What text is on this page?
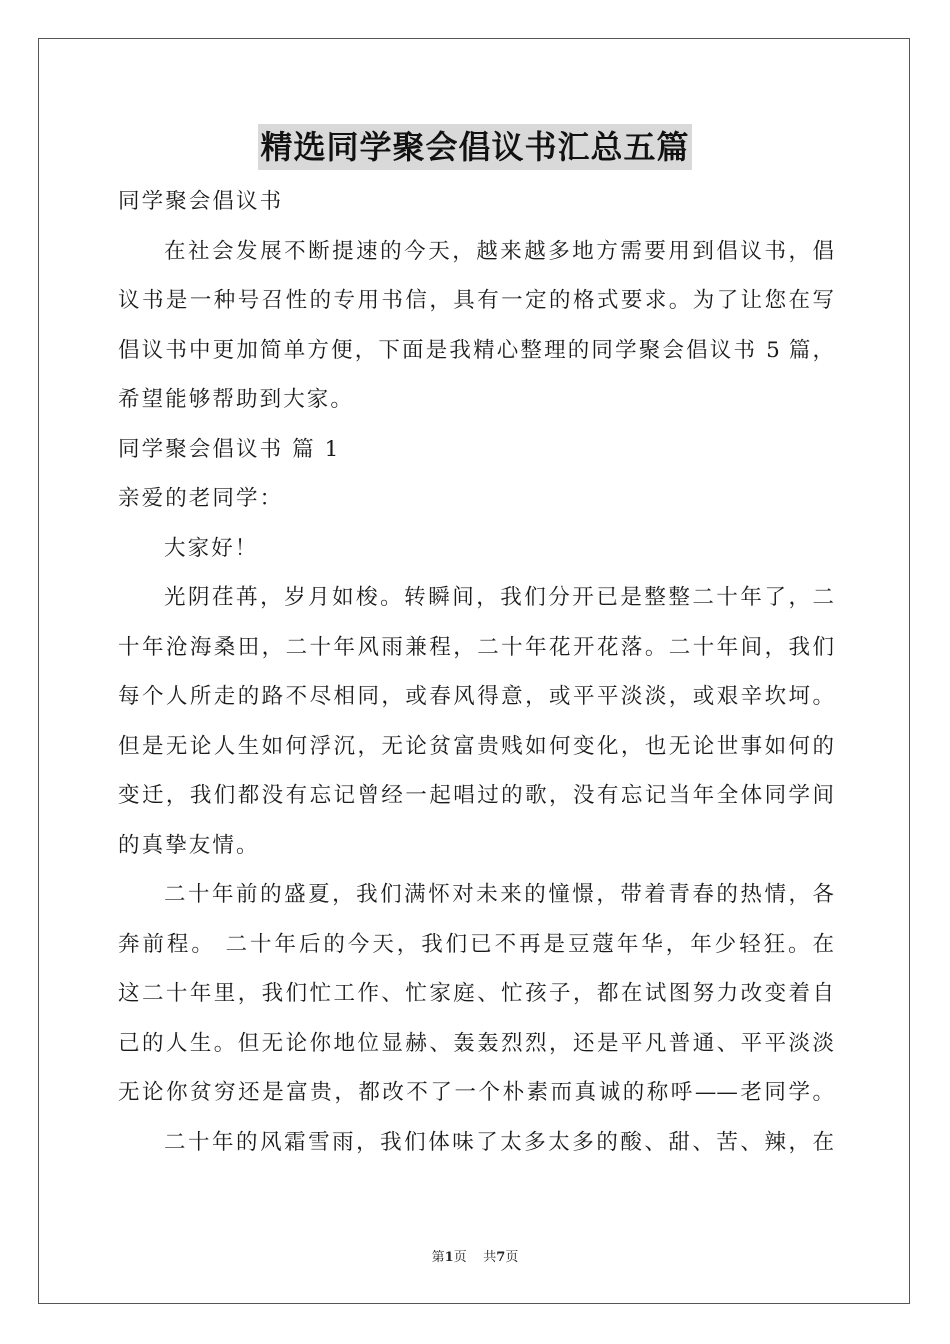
精选同学聚会倡议书汇总五篇
同学聚会倡议书
在社会发展不断提速的今天，越来越多地方需要用到倡议书，倡
议书是一种号召性的专用书信，具有一定的格式要求。为了让您在写
倡议书中更加简单方便，下面是我精心整理的同学聚会倡议书 5 篇，
希望能够帮助到大家。
同学聚会倡议书 篇 1
亲爱的老同学：
大家好！
光阴荏苒，岁月如梭。转瞬间，我们分开已是整整二十年了，二
十年沧海桑田，二十年风雨兼程，二十年花开花落。二十年间，我们
每个人所走的路不尽相同，或春风得意，或平平淡淡，或艰辛坎坷。
但是无论人生如何浮沉，无论贫富贵贱如何变化，也无论世事如何的
变迁，我们都没有忘记曾经一起唱过的歌，没有忘记当年全体同学间
的真挚友情。
二十年前的盛夏，我们满怀对未来的憧憬，带着青春的热情，各
奔前程。 二十年后的今天，我们已不再是豆蔻年华，年少轻狂。在
这二十年里，我们忙工作、忙家庭、忙孩子，都在试图努力改变着自
己的人生。但无论你地位显赫、轰轰烈烈，还是平凡普通、平平淡淡
无论你贫穷还是富贵，都改不了一个朴素而真诚的称呼——老同学。
二十年的风霜雪雨，我们体味了太多太多的酸、甜、苦、辣，在
第1页 共7页
